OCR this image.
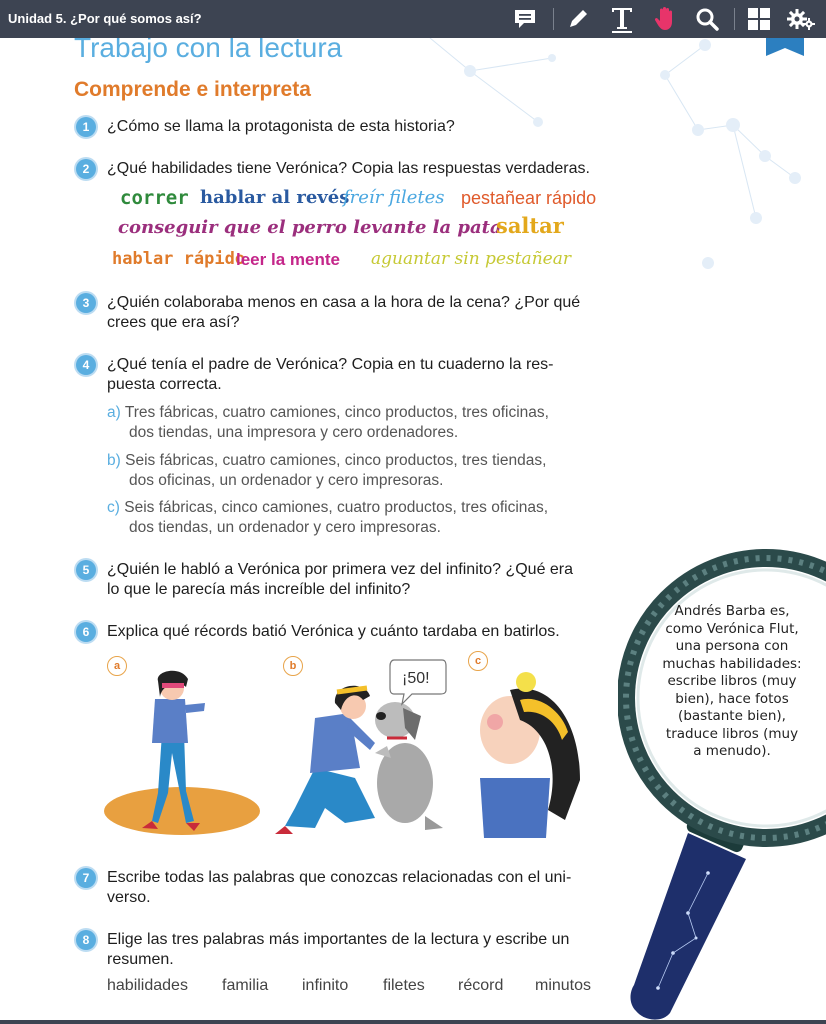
Unidad 5. ¿Por qué somos así?
Trabajo con la lectura
Comprende e interpreta
1	¿Cómo se llama la protagonista de esta historia?
2	¿Qué habilidades tiene Verónica? Copia las respuestas verdaderas.
correr hablar al revés
freír filetes pestañear rápido
conseguir que el perro levante la pata
saltar
hablar rápido
leer la mente aguantar sin pestañear
3	¿Quién colaboraba menos en casa a la hora de la cena? ¿Por qué
crees que era así?
4	¿Qué tenía el padre de Verónica? Copia en tu cuaderno la res-
puesta correcta.
a) Tres fábricas, cuatro camiones, cinco productos, tres oficinas,
dos tiendas, una impresora y cero ordenadores.
b) Seis fábricas, cuatro camiones, cinco productos, tres tiendas,
dos oficinas, un ordenador y cero impresoras.
c) Seis fábricas, cinco camiones, cuatro productos, tres oficinas,
dos tiendas, un ordenador y cero impresoras.
5	¿Quién le habló a Verónica por primera vez del infinito? ¿Qué era
lo que le parecía más increíble del infinito?
6	Explica qué récords batió Verónica y cuánto tardaba en batirlos.
a	b	c
¡50!
7	Escribe todas las palabras que conozcas relacionadas con el uni-
verso.
8	Elige las tres palabras más importantes de la lectura y escribe un
resumen.
habilidades familia infinito filetes récord minutos
Andrés Barba es,
como Verónica Flut,
una persona con
muchas habilidades:
escribe libros (muy
bien), hace fotos
(bastante bien),
traduce libros (muy
a menudo).
